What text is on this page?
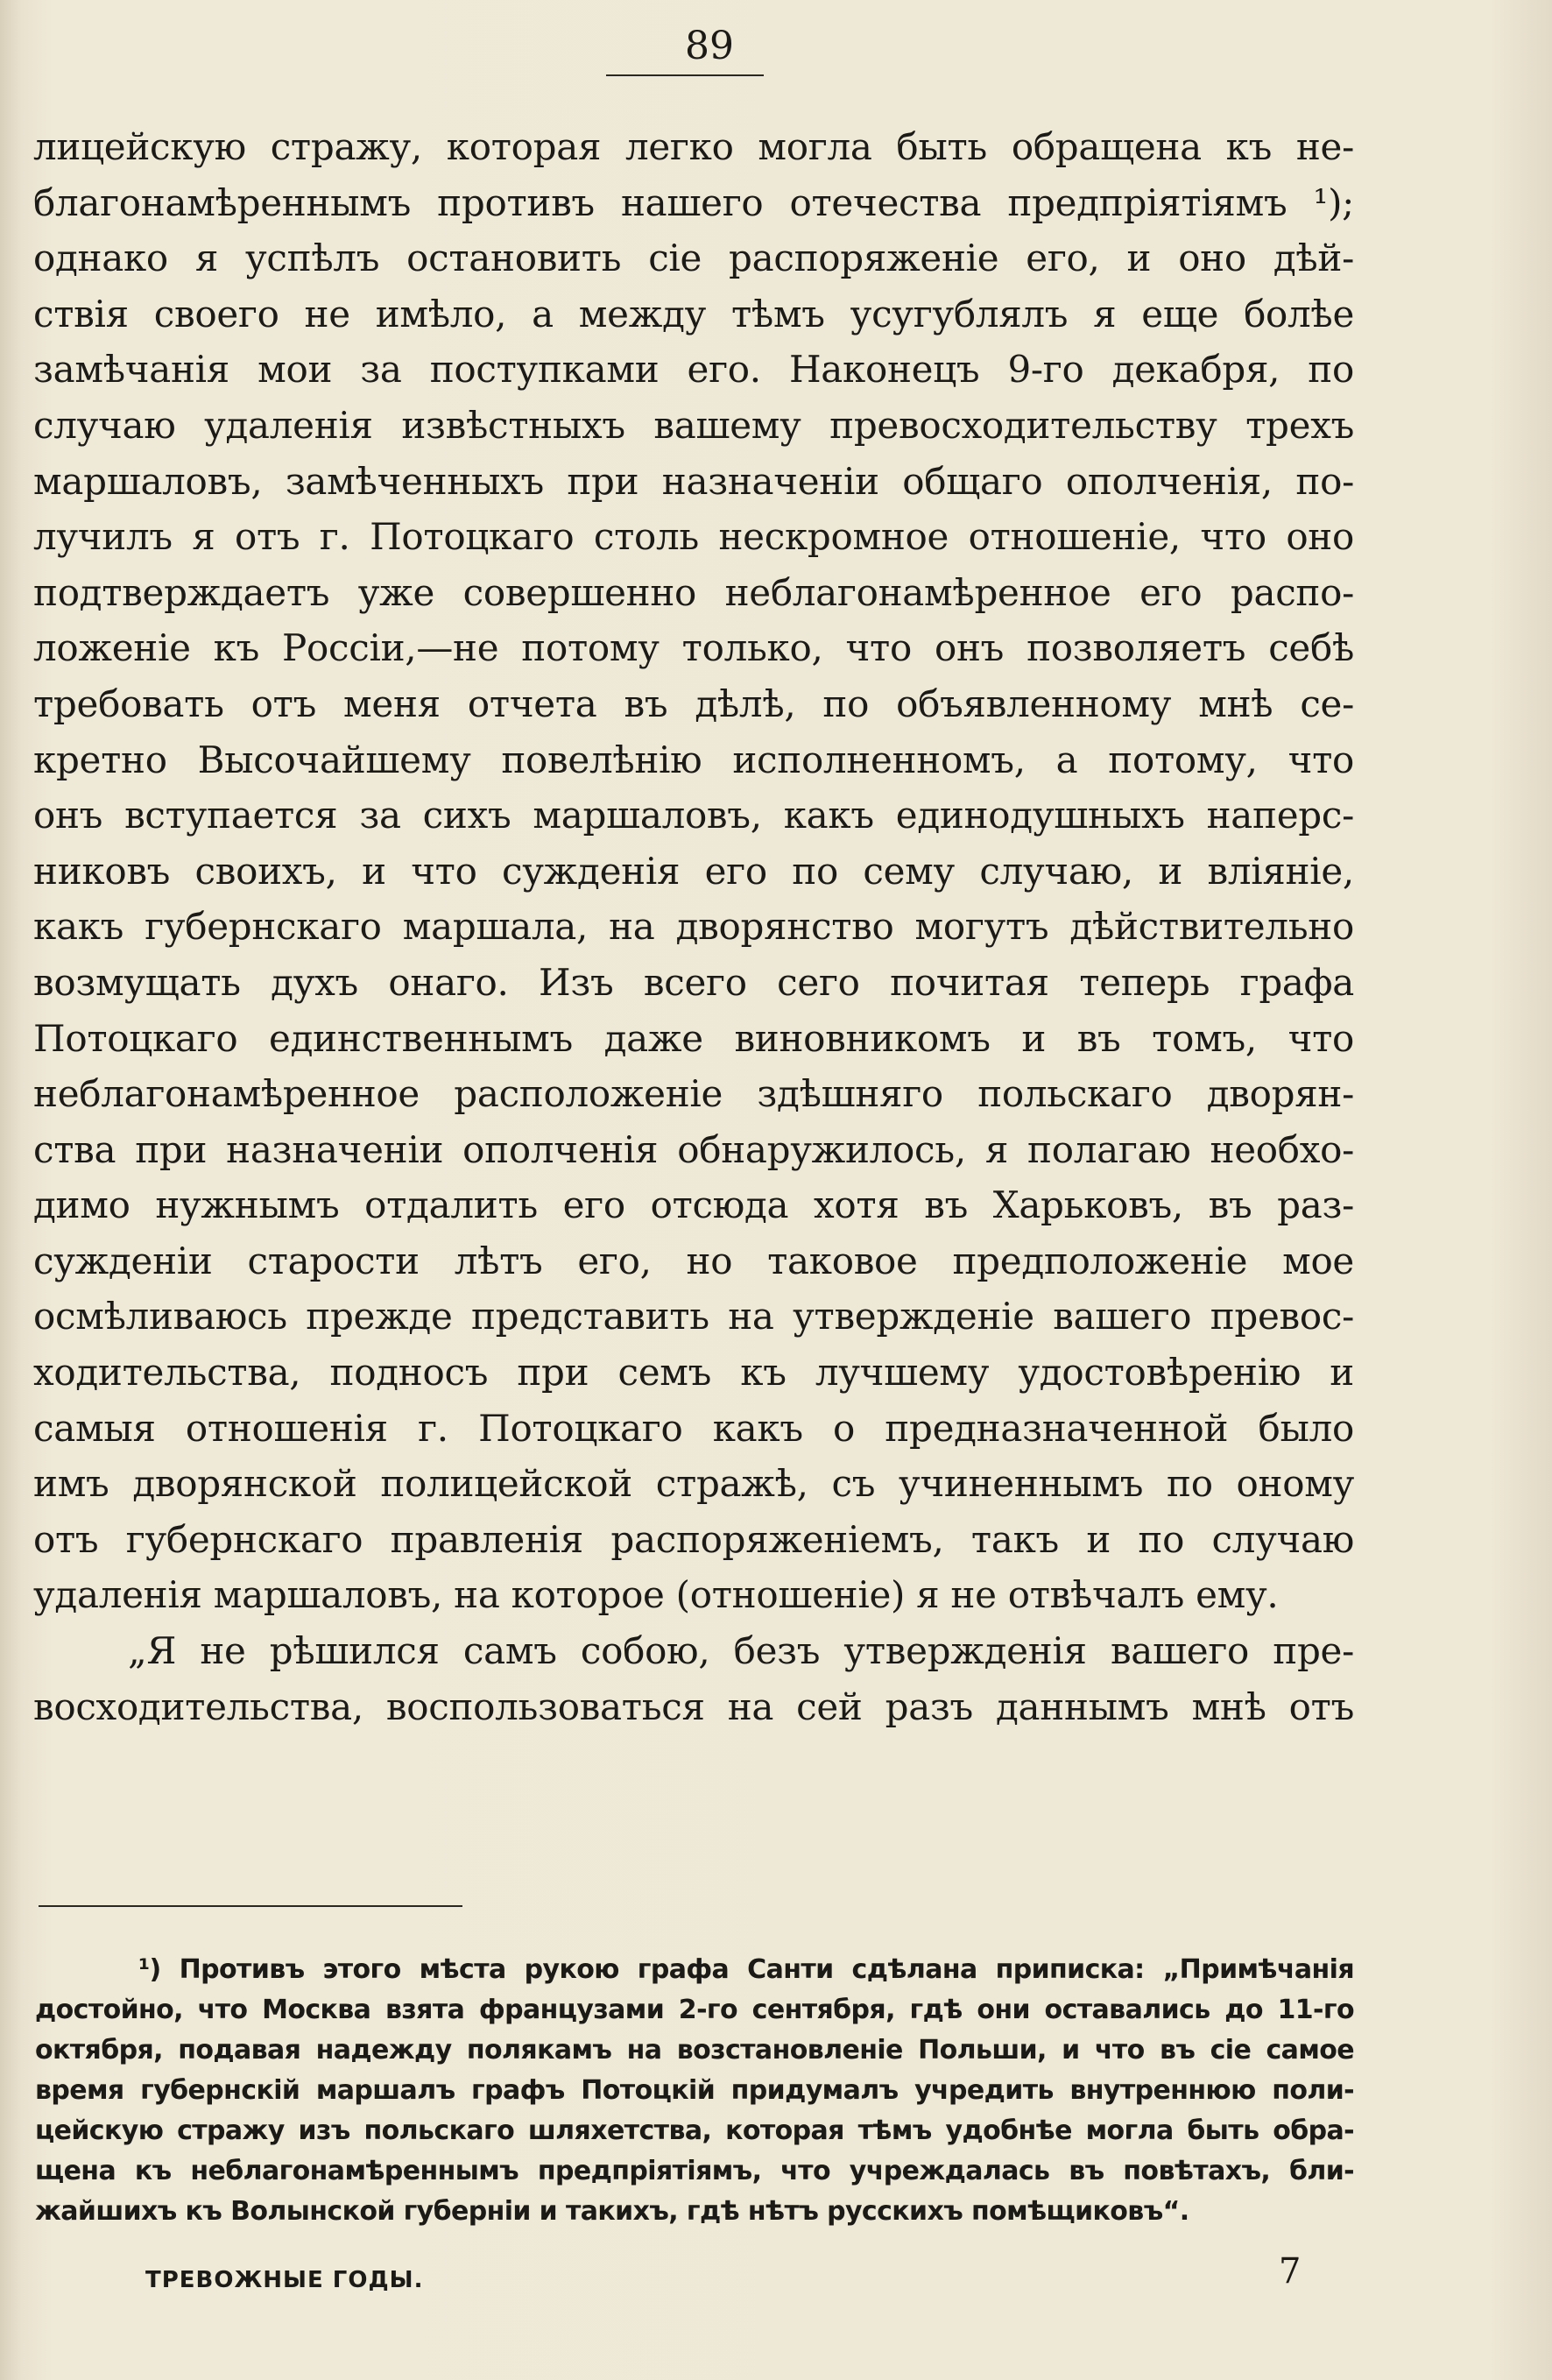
89
лицейскую стражу, которая легко могла быть обращена къ не-
благонамѣреннымъ противъ нашего отечества предпріятіямъ ¹);
однако я успѣлъ остановить сіе распоряженіе его, и оно дѣй-
ствія своего не имѣло, а между тѣмъ усугублялъ я еще болѣе
замѣчанія мои за поступками его. Наконецъ 9-го декабря, по
случаю удаленія извѣстныхъ вашему превосходительству трехъ
маршаловъ, замѣченныхъ при назначеніи общаго ополченія, по-
лучилъ я отъ г. Потоцкаго столь нескромное отношеніе, что оно
подтверждаетъ уже совершенно неблагонамѣренное его распо-
ложеніе къ Россіи,—не потому только, что онъ позволяетъ себѣ
требовать отъ меня отчета въ дѣлѣ, по объявленному мнѣ се-
кретно Высочайшему повелѣнію исполненномъ, а потому, что
онъ вступается за сихъ маршаловъ, какъ единодушныхъ наперс-
никовъ своихъ, и что сужденія его по сему случаю, и вліяніе,
какъ губернскаго маршала, на дворянство могутъ дѣйствительно
возмущать духъ онаго. Изъ всего сего почитая теперь графа
Потоцкаго единственнымъ даже виновникомъ и въ томъ, что
неблагонамѣренное расположеніе здѣшняго польскаго дворян-
ства при назначеніи ополченія обнаружилось, я полагаю необхо-
димо нужнымъ отдалить его отсюда хотя въ Харьковъ, въ раз-
сужденіи старости лѣтъ его, но таковое предположеніе мое
осмѣливаюсь прежде представить на утвержденіе вашего превос-
ходительства, подносъ при семъ къ лучшему удостовѣренію и
самыя отношенія г. Потоцкаго какъ о предназначенной было
имъ дворянской полицейской стражѣ, съ учиненнымъ по оному
отъ губернскаго правленія распоряженіемъ, такъ и по случаю
удаленія маршаловъ, на которое (отношеніе) я не отвѣчалъ ему.
„Я не рѣшился самъ собою, безъ утвержденія вашего пре-
восходительства, воспользоваться на сей разъ даннымъ мнѣ отъ
¹) Противъ этого мѣста рукою графа Санти сдѣлана приписка: „Примѣчанія
достойно, что Москва взята французами 2-го сентября, гдѣ они оставались до 11-го
октября, подавая надежду полякамъ на возстановленіе Польши, и что въ сіе самое
время губернскій маршалъ графъ Потоцкій придумалъ учредить внутреннюю поли-
цейскую стражу изъ польскаго шляхетства, которая тѣмъ удобнѣе могла быть обра-
щена къ неблагонамѣреннымъ предпріятіямъ, что учреждалась въ повѣтахъ, бли-
жайшихъ къ Волынской губерніи и такихъ, гдѣ нѣтъ русскихъ помѣщиковъ“.
ТРЕВОЖНЫЕ ГОДЫ.	7
